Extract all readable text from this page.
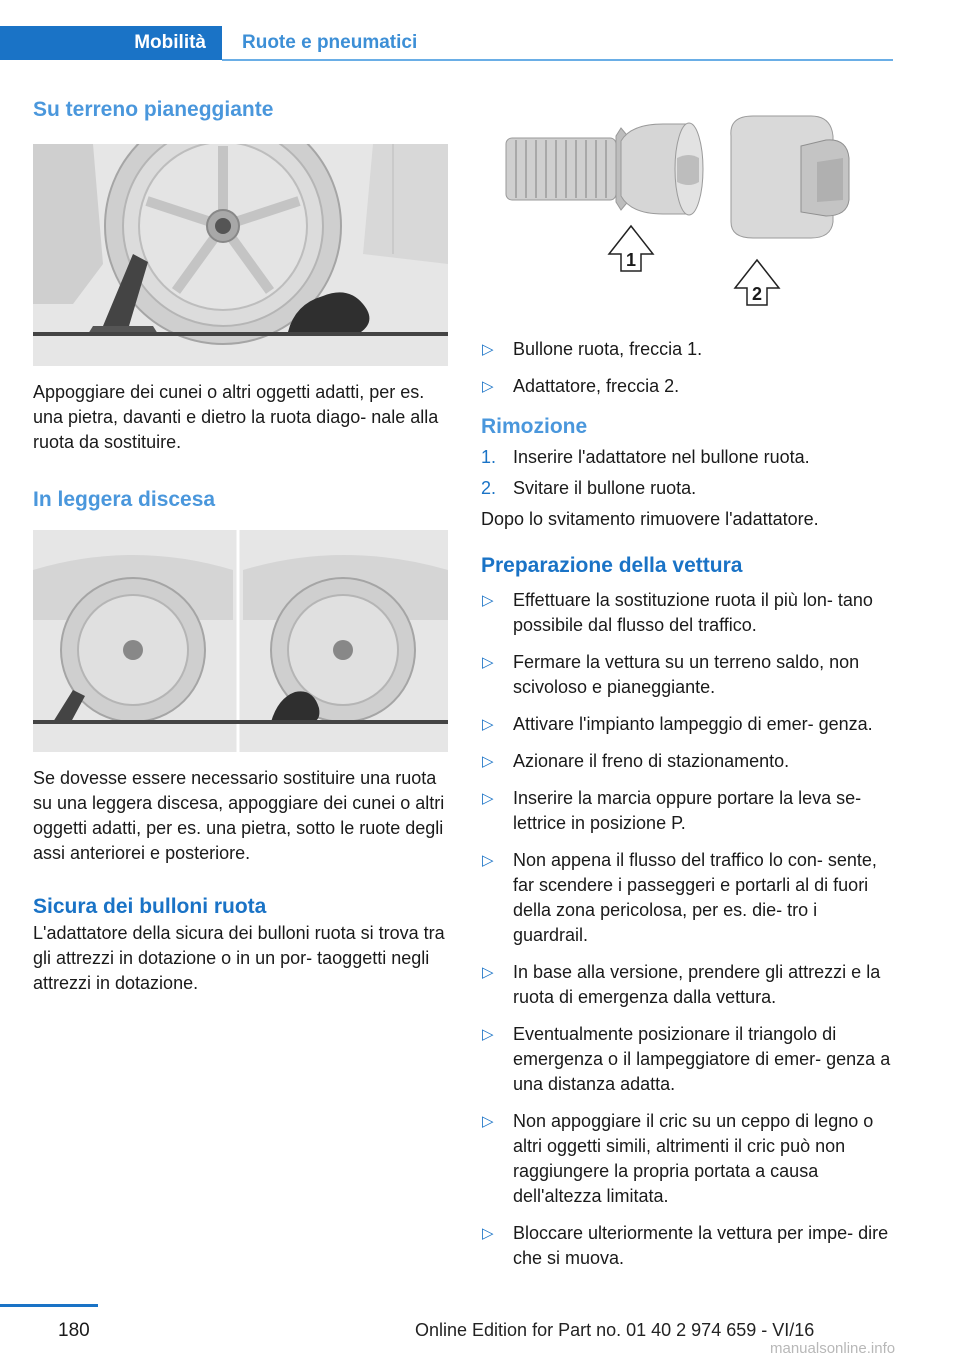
Mobilità	Ruote e pneumatici
Su terreno pianeggiante

Appoggiare dei cunei o altri oggetti adatti, per es. una pietra, davanti e dietro la ruota diago- nale alla ruota da sostituire.

In leggera discesa

Se dovesse essere necessario sostituire una ruota su una leggera discesa, appoggiare dei cunei o altri oggetti adatti, per es. una pietra, sotto le ruote degli assi anteriorei e posteriore.

Sicura dei bulloni ruota

L'adattatore della sicura dei bulloni ruota si trova tra gli attrezzi in dotazione o in un por- taoggetti negli attrezzi in dotazione.

1
2
▷ Bullone ruota, freccia 1.
▷ Adattatore, freccia 2.
Rimozione
1. Inserire l'adattatore nel bullone ruota.
2. Svitare il bullone ruota.

Dopo lo svitamento rimuovere l'adattatore.

Preparazione della vettura
▷ Effettuare la sostituzione ruota il più lon- tano possibile dal flusso del traffico.
▷ Fermare la vettura su un terreno saldo, non scivoloso e pianeggiante.
▷ Attivare l'impianto lampeggio di emer- genza.
▷ Azionare il freno di stazionamento.
▷ Inserire la marcia oppure portare la leva se- lettrice in posizione P.
▷ Non appena il flusso del traffico lo con- sente, far scendere i passeggeri e portarli al di fuori della zona pericolosa, per es. die- tro i guardrail.
▷ In base alla versione, prendere gli attrezzi e la ruota di emergenza dalla vettura.
▷ Eventualmente posizionare il triangolo di emergenza o il lampeggiatore di emer- genza a una distanza adatta.
▷ Non appoggiare il cric su un ceppo di legno o altri oggetti simili, altrimenti il cric può non raggiungere la propria portata a causa dell'altezza limitata.
▷ Bloccare ulteriormente la vettura per impe- dire che si muova.
180	Online Edition for Part no. 01 40 2 974 659 - VI/16
manualsonline.info
